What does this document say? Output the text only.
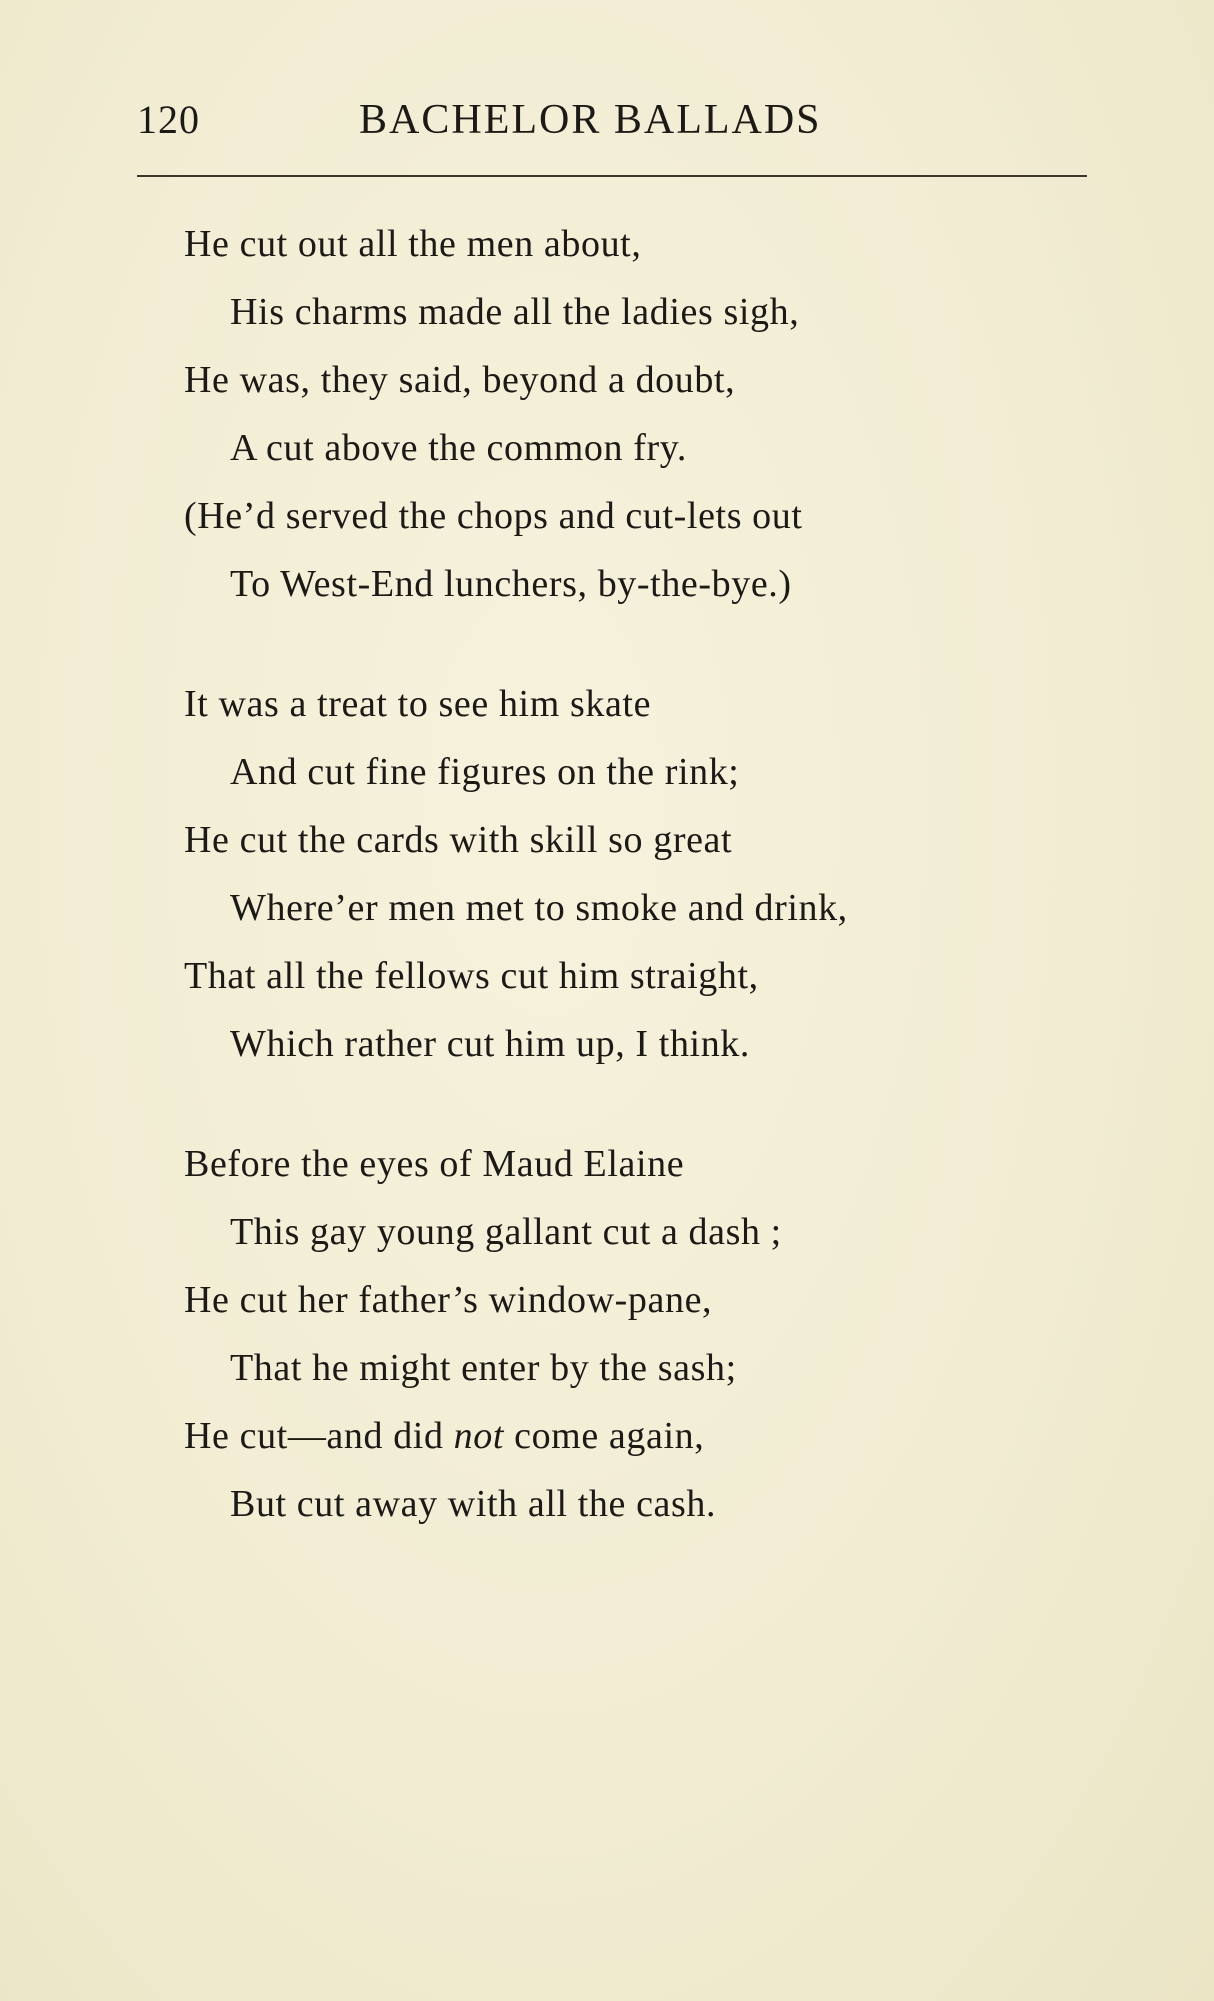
120	BACHELOR BALLADS
He cut out all the men about,
His charms made all the ladies sigh,
He was, they said, beyond a doubt,
A cut above the common fry.
(He’d served the chops and cut-lets out
To West-End lunchers, by-the-bye.)
It was a treat to see him skate
And cut fine figures on the rink;
He cut the cards with skill so great
Where’er men met to smoke and drink,
That all the fellows cut him straight,
Which rather cut him up, I think.
Before the eyes of Maud Elaine
This gay young gallant cut a dash ;
He cut her father’s window-pane,
That he might enter by the sash;
He cut—and did not come again,
But cut away with all the cash.
